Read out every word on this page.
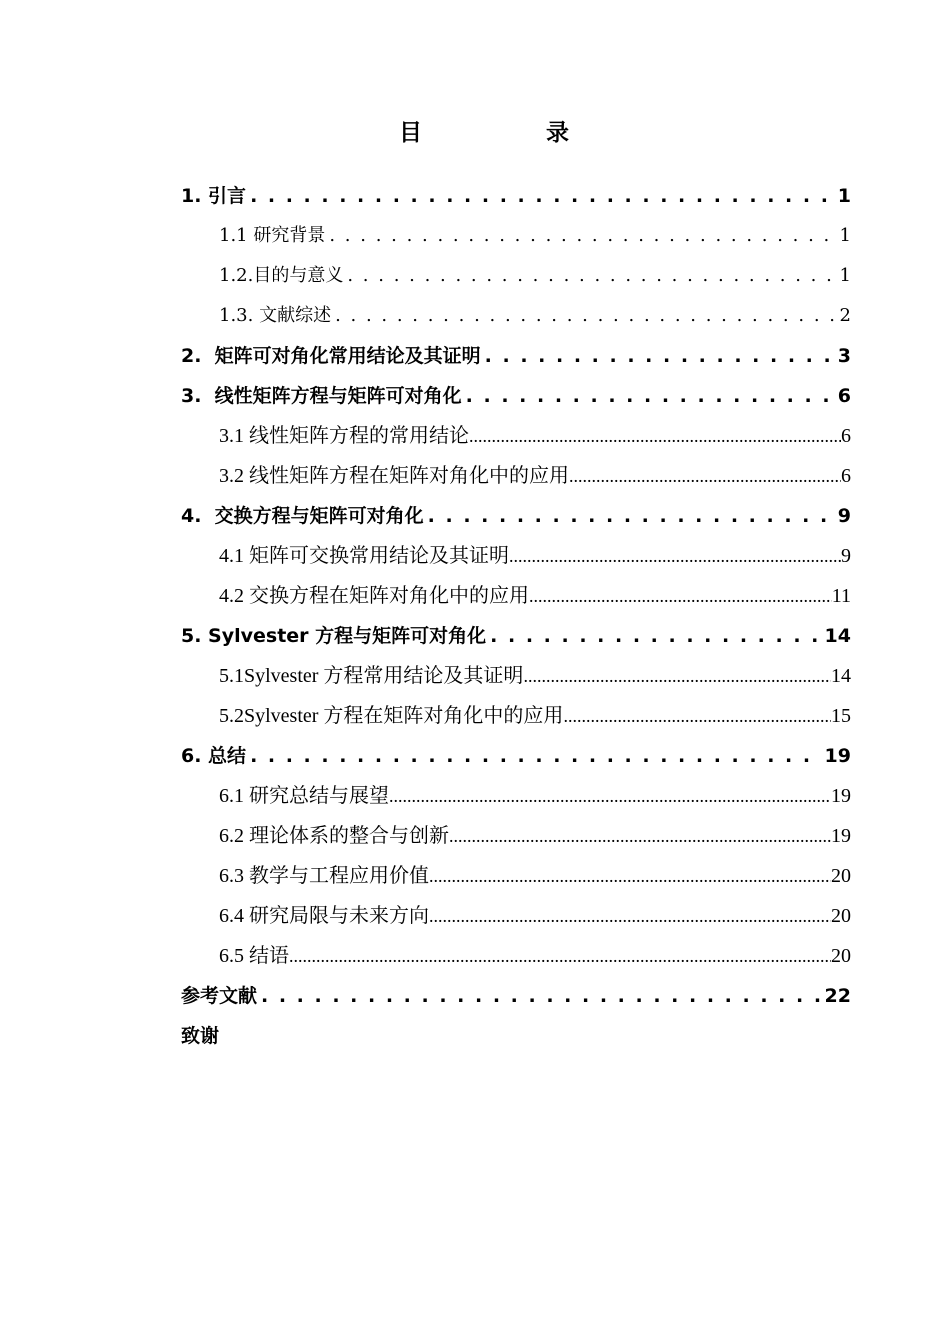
目 录
1. 引言 . . .	1
1.1 研究背景 . . .	1
1.2.目的与意义 . . .	1
1.3. 文献综述 . . .	2
2.  矩阵可对角化常用结论及其证明 . . .	3
3.  线性矩阵方程与矩阵可对角化 . . .	6
3.1 线性矩阵方程的常用结论 .....	6
3.2 线性矩阵方程在矩阵对角化中的应用 .....	6
4.  交换方程与矩阵可对角化 . . .	9
4.1 矩阵可交换常用结论及其证明 .....	9
4.2 交换方程在矩阵对角化中的应用 .....	11
5. Sylvester 方程与矩阵可对角化 . . .	14
5.1Sylvester 方程常用结论及其证明 .....	14
5.2Sylvester 方程在矩阵对角化中的应用 .....	15
6. 总结 . . .	19
6.1 研究总结与展望 .....	19
6.2 理论体系的整合与创新 .....	19
6.3 教学与工程应用价值 .....	20
6.4 研究局限与未来方向 .....	20
6.5 结语 .....	20
参考文献 . . .	22
致谢
